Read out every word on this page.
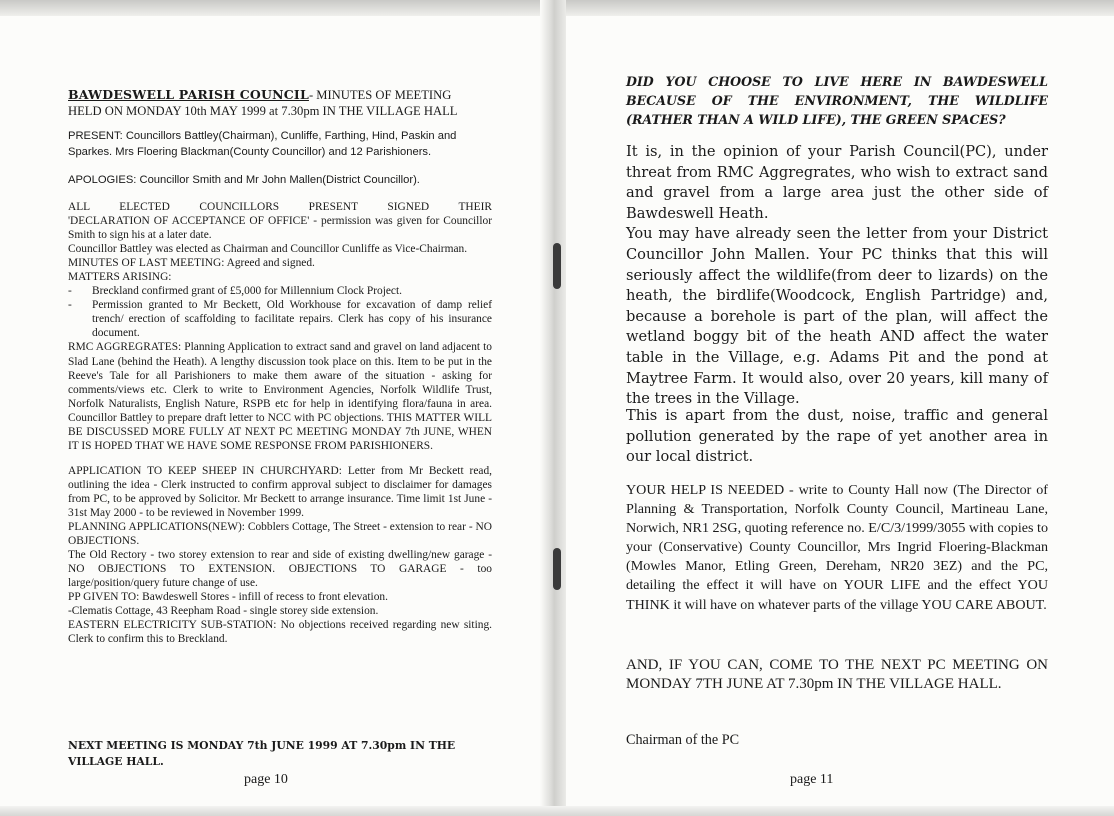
BAWDESWELL PARISH COUNCIL- MINUTES OF MEETING
HELD ON MONDAY 10th MAY 1999 at 7.30pm IN THE VILLAGE HALL
PRESENT: Councillors Battley(Chairman), Cunliffe, Farthing, Hind, Paskin and Sparkes. Mrs Floering Blackman(County Councillor) and 12 Parishioners.
APOLOGIES: Councillor Smith and Mr John Mallen(District Councillor).

ALL ELECTED COUNCILLORS PRESENT SIGNED THEIR

'DECLARATION OF ACCEPTANCE OF OFFICE' - permission was given for Councillor Smith to sign his at a later date.

Councillor Battley was elected as Chairman and Councillor Cunliffe as Vice-Chairman.

MINUTES OF LAST MEETING: Agreed and signed.

MATTERS ARISING:

- Breckland confirmed grant of £5,000 for Millennium Clock Project.
- Permission granted to Mr Beckett, Old Workhouse for excavation of damp relief trench/ erection of scaffolding to facilitate repairs. Clerk has copy of his insurance document.

RMC AGGREGRATES: Planning Application to extract sand and gravel on land adjacent to Slad Lane (behind the Heath). A lengthy discussion took place on this. Item to be put in the Reeve's Tale for all Parishioners to make them aware of the situation - asking for comments/views etc. Clerk to write to Environment Agencies, Norfolk Wildlife Trust, Norfolk Naturalists, English Nature, RSPB etc for help in identifying flora/fauna in area. Councillor Battley to prepare draft letter to NCC with PC objections. THIS MATTER WILL BE DISCUSSED MORE FULLY AT NEXT PC MEETING MONDAY 7th JUNE, WHEN IT IS HOPED THAT WE HAVE SOME RESPONSE FROM PARISHIONERS.

APPLICATION TO KEEP SHEEP IN CHURCHYARD: Letter from Mr Beckett read, outlining the idea - Clerk instructed to confirm approval subject to disclaimer for damages from PC, to be approved by Solicitor. Mr Beckett to arrange insurance. Time limit 1st June - 31st May 2000 - to be reviewed in November 1999.

PLANNING APPLICATIONS(NEW): Cobblers Cottage, The Street - extension to rear - NO OBJECTIONS.

The Old Rectory - two storey extension to rear and side of existing dwelling/new garage - NO OBJECTIONS TO EXTENSION. OBJECTIONS TO GARAGE - too large/position/query future change of use.

PP GIVEN TO: Bawdeswell Stores - infill of recess to front elevation.

-Clematis Cottage, 43 Reepham Road - single storey side extension.

EASTERN ELECTRICITY SUB-STATION: No objections received regarding new siting. Clerk to confirm this to Breckland.

NEXT MEETING IS MONDAY 7th JUNE 1999 AT 7.30pm IN THE VILLAGE HALL.
page 10
DID YOU CHOOSE TO LIVE HERE IN BAWDESWELL
BECAUSE OF THE ENVIRONMENT, THE WILDLIFE (RATHER THAN A WILD LIFE), THE GREEN SPACES?

It is, in the opinion of your Parish Council(PC), under threat from RMC Aggregrates, who wish to extract sand and gravel from a large area just the other side of Bawdeswell Heath.

You may have already seen the letter from your District Councillor John Mallen. Your PC thinks that this will seriously affect the wildlife(from deer to lizards) on the heath, the birdlife(Woodcock, English Partridge) and, because a borehole is part of the plan, will affect the wetland boggy bit of the heath AND affect the water table in the Village, e.g. Adams Pit and the pond at Maytree Farm. It would also, over 20 years, kill many of the trees in the Village.

This is apart from the dust, noise, traffic and general pollution generated by the rape of yet another area in our local district.

YOUR HELP IS NEEDED - write to County Hall now (The Director of Planning & Transportation, Norfolk County Council, Martineau Lane, Norwich, NR1 2SG, quoting reference no. E/C/3/1999/3055 with copies to your (Conservative) County Councillor, Mrs Ingrid Floering-Blackman (Mowles Manor, Etling Green, Dereham, NR20 3EZ) and the PC, detailing the effect it will have on YOUR LIFE and the effect YOU THINK it will have on whatever parts of the village YOU CARE ABOUT.

AND, IF YOU CAN, COME TO THE NEXT PC MEETING ON MONDAY 7TH JUNE AT 7.30pm IN THE VILLAGE HALL.

Chairman of the PC
page 11
